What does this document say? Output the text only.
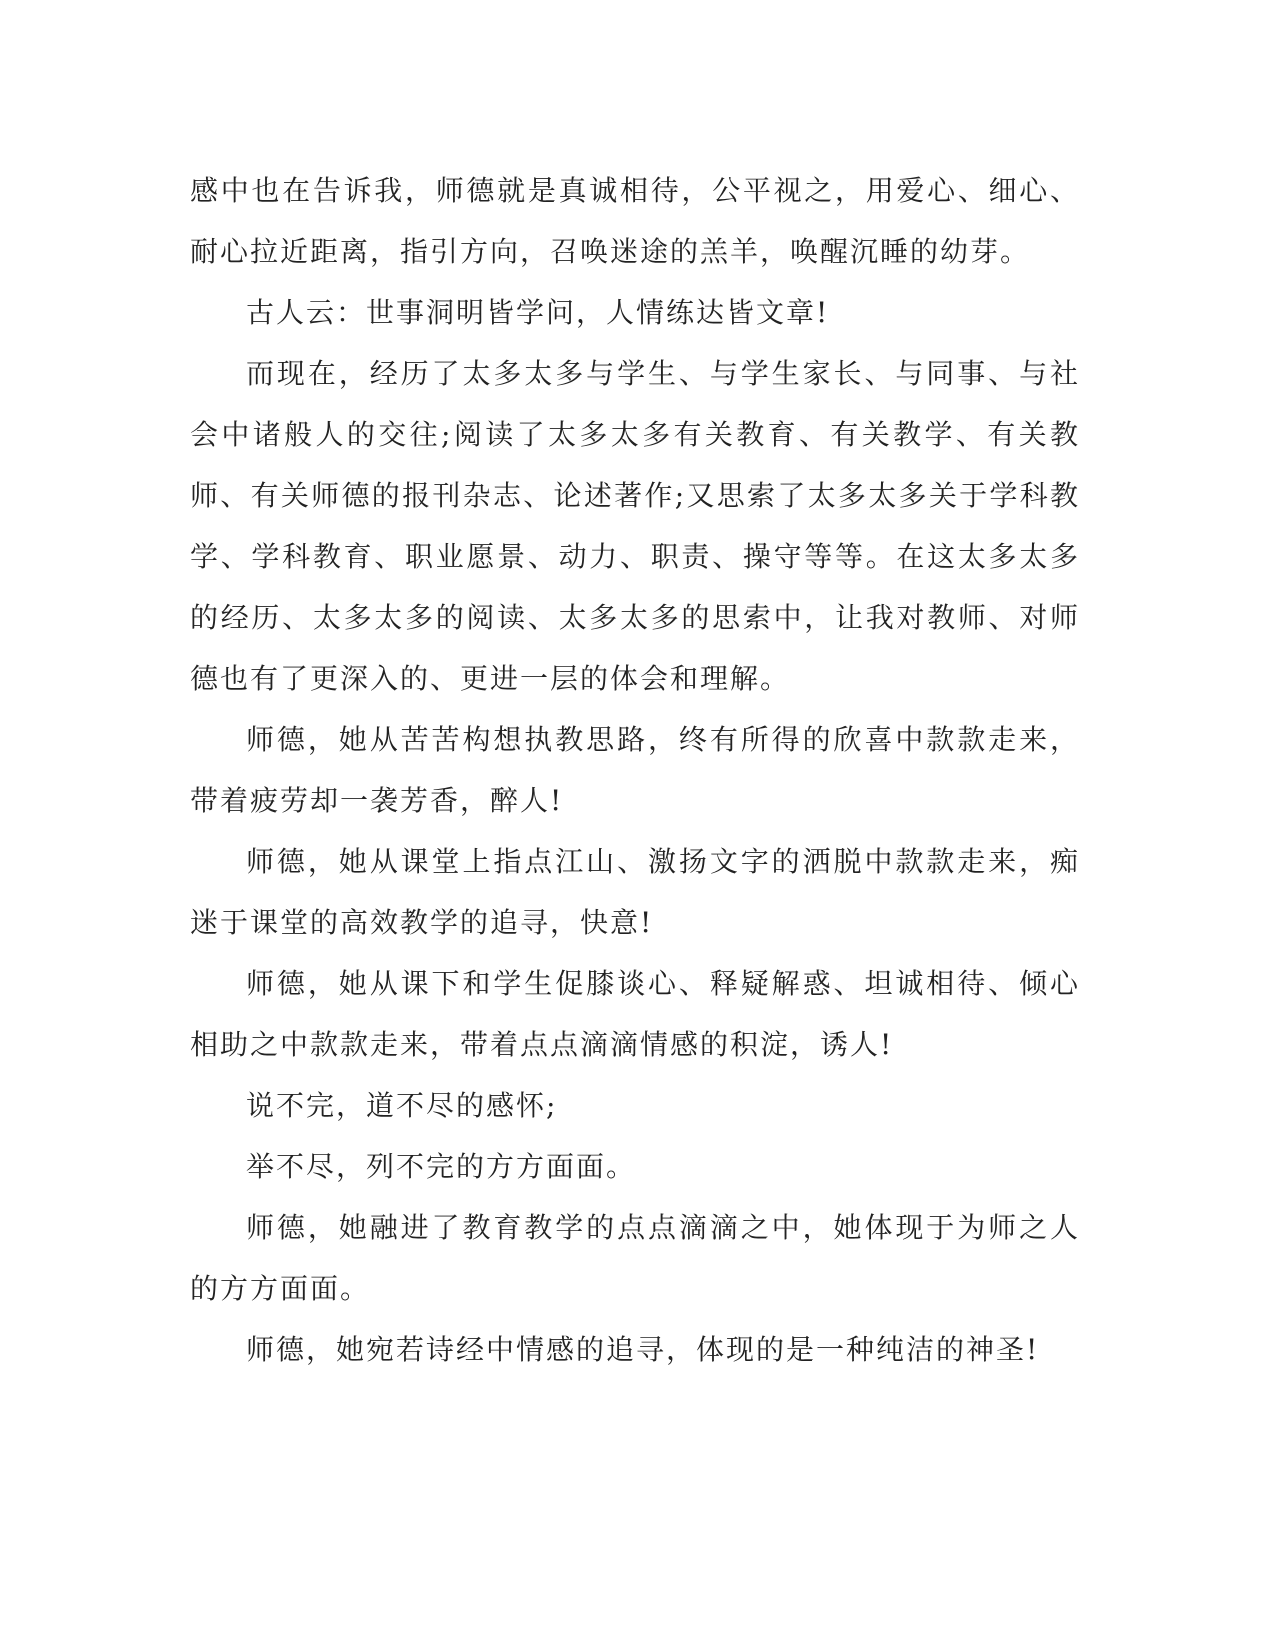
感中也在告诉我，师德就是真诚相待，公平视之，用爱心、细心、耐心拉近距离，指引方向，召唤迷途的羔羊，唤醒沉睡的幼芽。

古人云：世事洞明皆学问，人情练达皆文章!

而现在，经历了太多太多与学生、与学生家长、与同事、与社会中诸般人的交往;阅读了太多太多有关教育、有关教学、有关教师、有关师德的报刊杂志、论述著作;又思索了太多太多关于学科教学、学科教育、职业愿景、动力、职责、操守等等。在这太多太多的经历、太多太多的阅读、太多太多的思索中，让我对教师、对师德也有了更深入的、更进一层的体会和理解。

师德，她从苦苦构想执教思路，终有所得的欣喜中款款走来，带着疲劳却一袭芳香，醉人!

师德，她从课堂上指点江山、激扬文字的洒脱中款款走来，痴迷于课堂的高效教学的追寻，快意!

师德，她从课下和学生促膝谈心、释疑解惑、坦诚相待、倾心相助之中款款走来，带着点点滴滴情感的积淀，诱人!

说不完，道不尽的感怀;

举不尽，列不完的方方面面。

师德，她融进了教育教学的点点滴滴之中，她体现于为师之人的方方面面。

师德，她宛若诗经中情感的追寻，体现的是一种纯洁的神圣!
